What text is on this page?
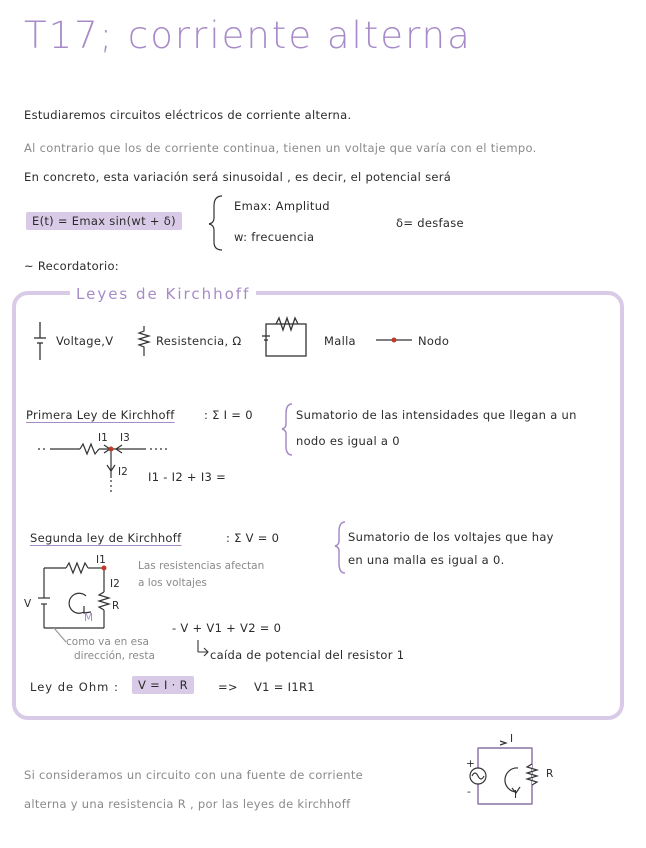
T17; corriente alterna
Estudiaremos circuitos eléctricos de corriente alterna.
Al contrario que los de corriente continua, tienen un voltaje que varía con el tiempo.
En concreto, esta variación será sinusoidal , es decir, el potencial será
E(t) = Emax sin(wt + δ)
Emax: Amplitud
w: frecuencia
δ= desfase
~ Recordatorio:
Leyes de Kirchhoff
Voltage,V	Resistencia, Ω	Malla	Nodo
Primera Ley de Kirchhoff	: Σ I = 0	Sumatorio de las intensidades que llegan a un
nodo es igual a 0
I1 I3
I2 I1 - I2 + I3 =
Segunda ley de Kirchhoff	: Σ V = 0	Sumatorio de los voltajes que hay
en una malla es igual a 0.
Las resistencias afectan
a los voltajes
I1
I2
V	R
M
- V + V1 + V2 = 0
como va en esa
dirección, resta	caída de potencial del resistor 1
Ley de Ohm :	V = I · R	=> V1 = I1R1
Si consideramos un circuito con una fuente de corriente
alterna y una resistencia R , por las leyes de kirchhoff
I
I
R
+
-
